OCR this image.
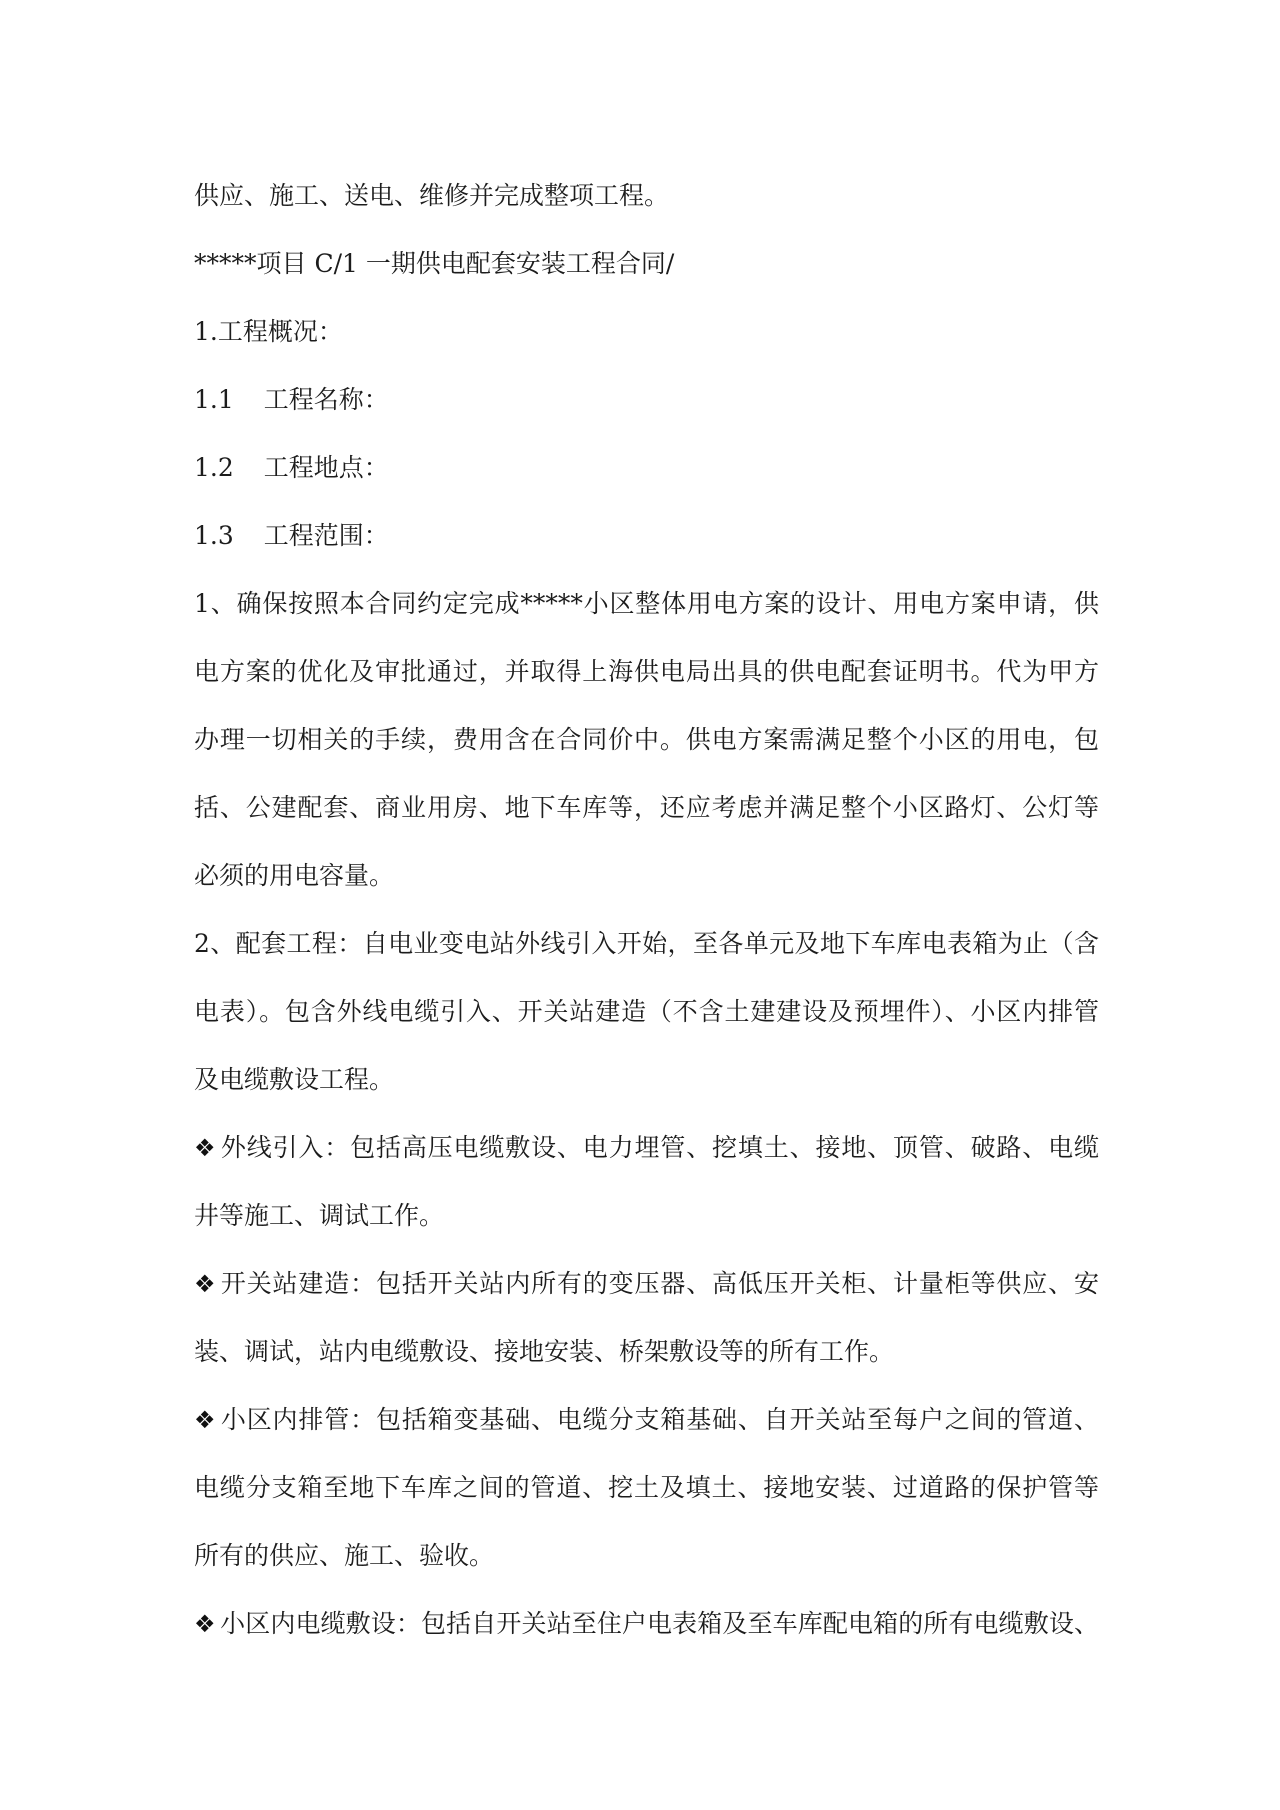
供应、施工、送电、维修并完成整项工程。
*****项目 C/1 一期供电配套安装工程合同/
1.工程概况：
1.1 工程名称：
1.2 工程地点：
1.3 工程范围：
1、确保按照本合同约定完成*****小区整体用电方案的设计、用电方案申请，供
电方案的优化及审批通过，并取得上海供电局出具的供电配套证明书。代为甲方
办理一切相关的手续，费用含在合同价中。供电方案需满足整个小区的用电，包
括、公建配套、商业用房、地下车库等，还应考虑并满足整个小区路灯、公灯等
必须的用电容量。
2、配套工程：自电业变电站外线引入开始，至各单元及地下车库电表箱为止（含
电表）。包含外线电缆引入、开关站建造（不含土建建设及预埋件）、小区内排管
及电缆敷设工程。
❖ 外线引入：包括高压电缆敷设、电力埋管、挖填土、接地、顶管、破路、电缆
井等施工、调试工作。
❖ 开关站建造：包括开关站内所有的变压器、高低压开关柜、计量柜等供应、安
装、调试，站内电缆敷设、接地安装、桥架敷设等的所有工作。
❖ 小区内排管：包括箱变基础、电缆分支箱基础、自开关站至每户之间的管道、
电缆分支箱至地下车库之间的管道、挖土及填土、接地安装、过道路的保护管等
所有的供应、施工、验收。
❖ 小区内电缆敷设：包括自开关站至住户电表箱及至车库配电箱的所有电缆敷设、
